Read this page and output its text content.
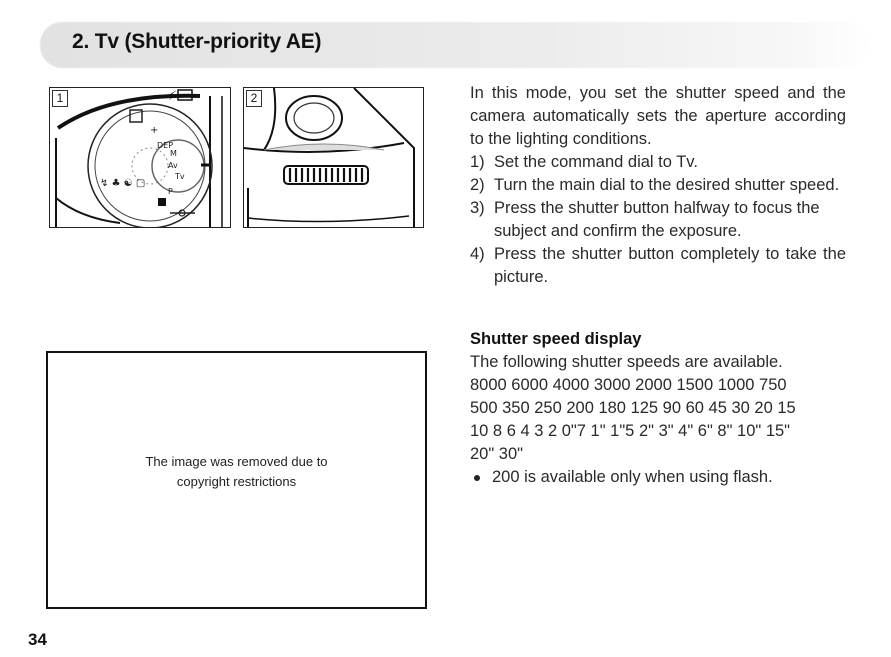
2. Tv (Shutter-priority AE)
1
+
⚡
DEP
M
Av
Tv
P
↯ ♣ ☯ ▢
2
The image was removed due to
copyright restrictions

In this mode, you set the shutter speed and the camera automatically sets the aperture according to the lighting conditions.

1) Set the command dial to Tv.
2) Turn the main dial to the desired shutter speed.
3) Press the shutter button halfway to focus the subject and confirm the exposure.
4) Press the shutter button completely to take the picture.
Shutter speed display

The following shutter speeds are available.

8000 6000 4000 3000 2000 1500 1000 750

500 350 250 200 180 125 90 60 45 30 20 15

10 8 6 4 3 2 0"7 1" 1"5 2" 3" 4" 6" 8" 10" 15"

20" 30"

200 is available only when using flash.
34
